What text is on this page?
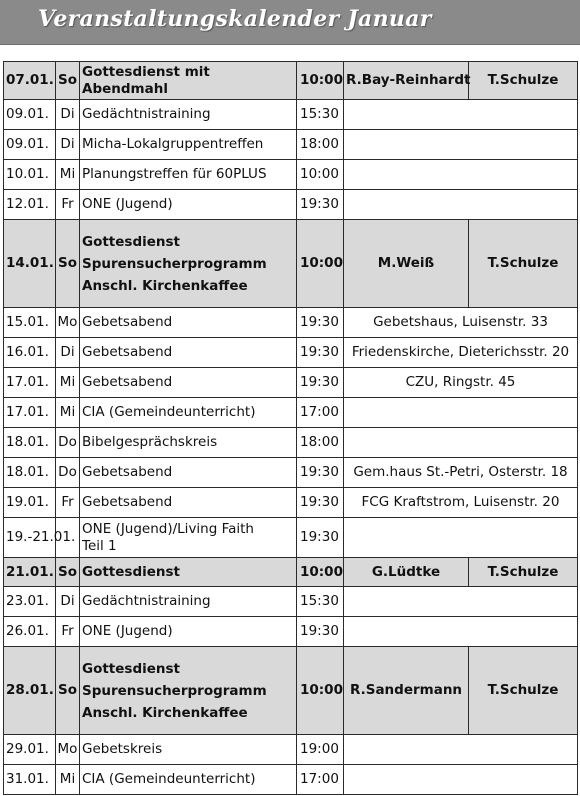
Veranstaltungskalender Januar
07.01.	So	Gottesdienst mit Abendmahl	10:00	R.Bay-Reinhardt	T.Schulze
09.01.	Di	Gedächtnistraining	15:30		
09.01.	Di	Micha-Lokalgruppentreffen	18:00		
10.01.	Mi	Planungstreffen für 60PLUS	10:00		
12.01.	Fr	ONE (Jugend)	19:30		
14.01.	So	Gottesdienst
Spurensucherprogramm
Anschl. Kirchenkaffee	10:00	M.Weiß	T.Schulze
15.01.	Mo	Gebetsabend	19:30	Gebetshaus, Luisenstr. 33	
16.01.	Di	Gebetsabend	19:30	Friedenskirche, Dieterichsstr. 20	
17.01.	Mi	Gebetsabend	19:30	CZU, Ringstr. 45	
17.01.	Mi	CIA (Gemeindeunterricht)	17:00		
18.01.	Do	Bibelgesprächskreis	18:00		
18.01.	Do	Gebetsabend	19:30	Gem.haus St.-Petri, Osterstr. 18	
19.01.	Fr	Gebetsabend	19:30	FCG Kraftstrom, Luisenstr. 20	
19.-21.01.		ONE (Jugend)/Living Faith
Teil 1	19:30		
21.01.	So	Gottesdienst	10:00	G.Lüdtke	T.Schulze
23.01.	Di	Gedächtnistraining	15:30		
26.01.	Fr	ONE (Jugend)	19:30		
28.01.	So	Gottesdienst
Spurensucherprogramm
Anschl. Kirchenkaffee	10:00	R.Sandermann	T.Schulze
29.01.	Mo	Gebetskreis	19:00		
31.01.	Mi	CIA (Gemeindeunterricht)	17:00		
